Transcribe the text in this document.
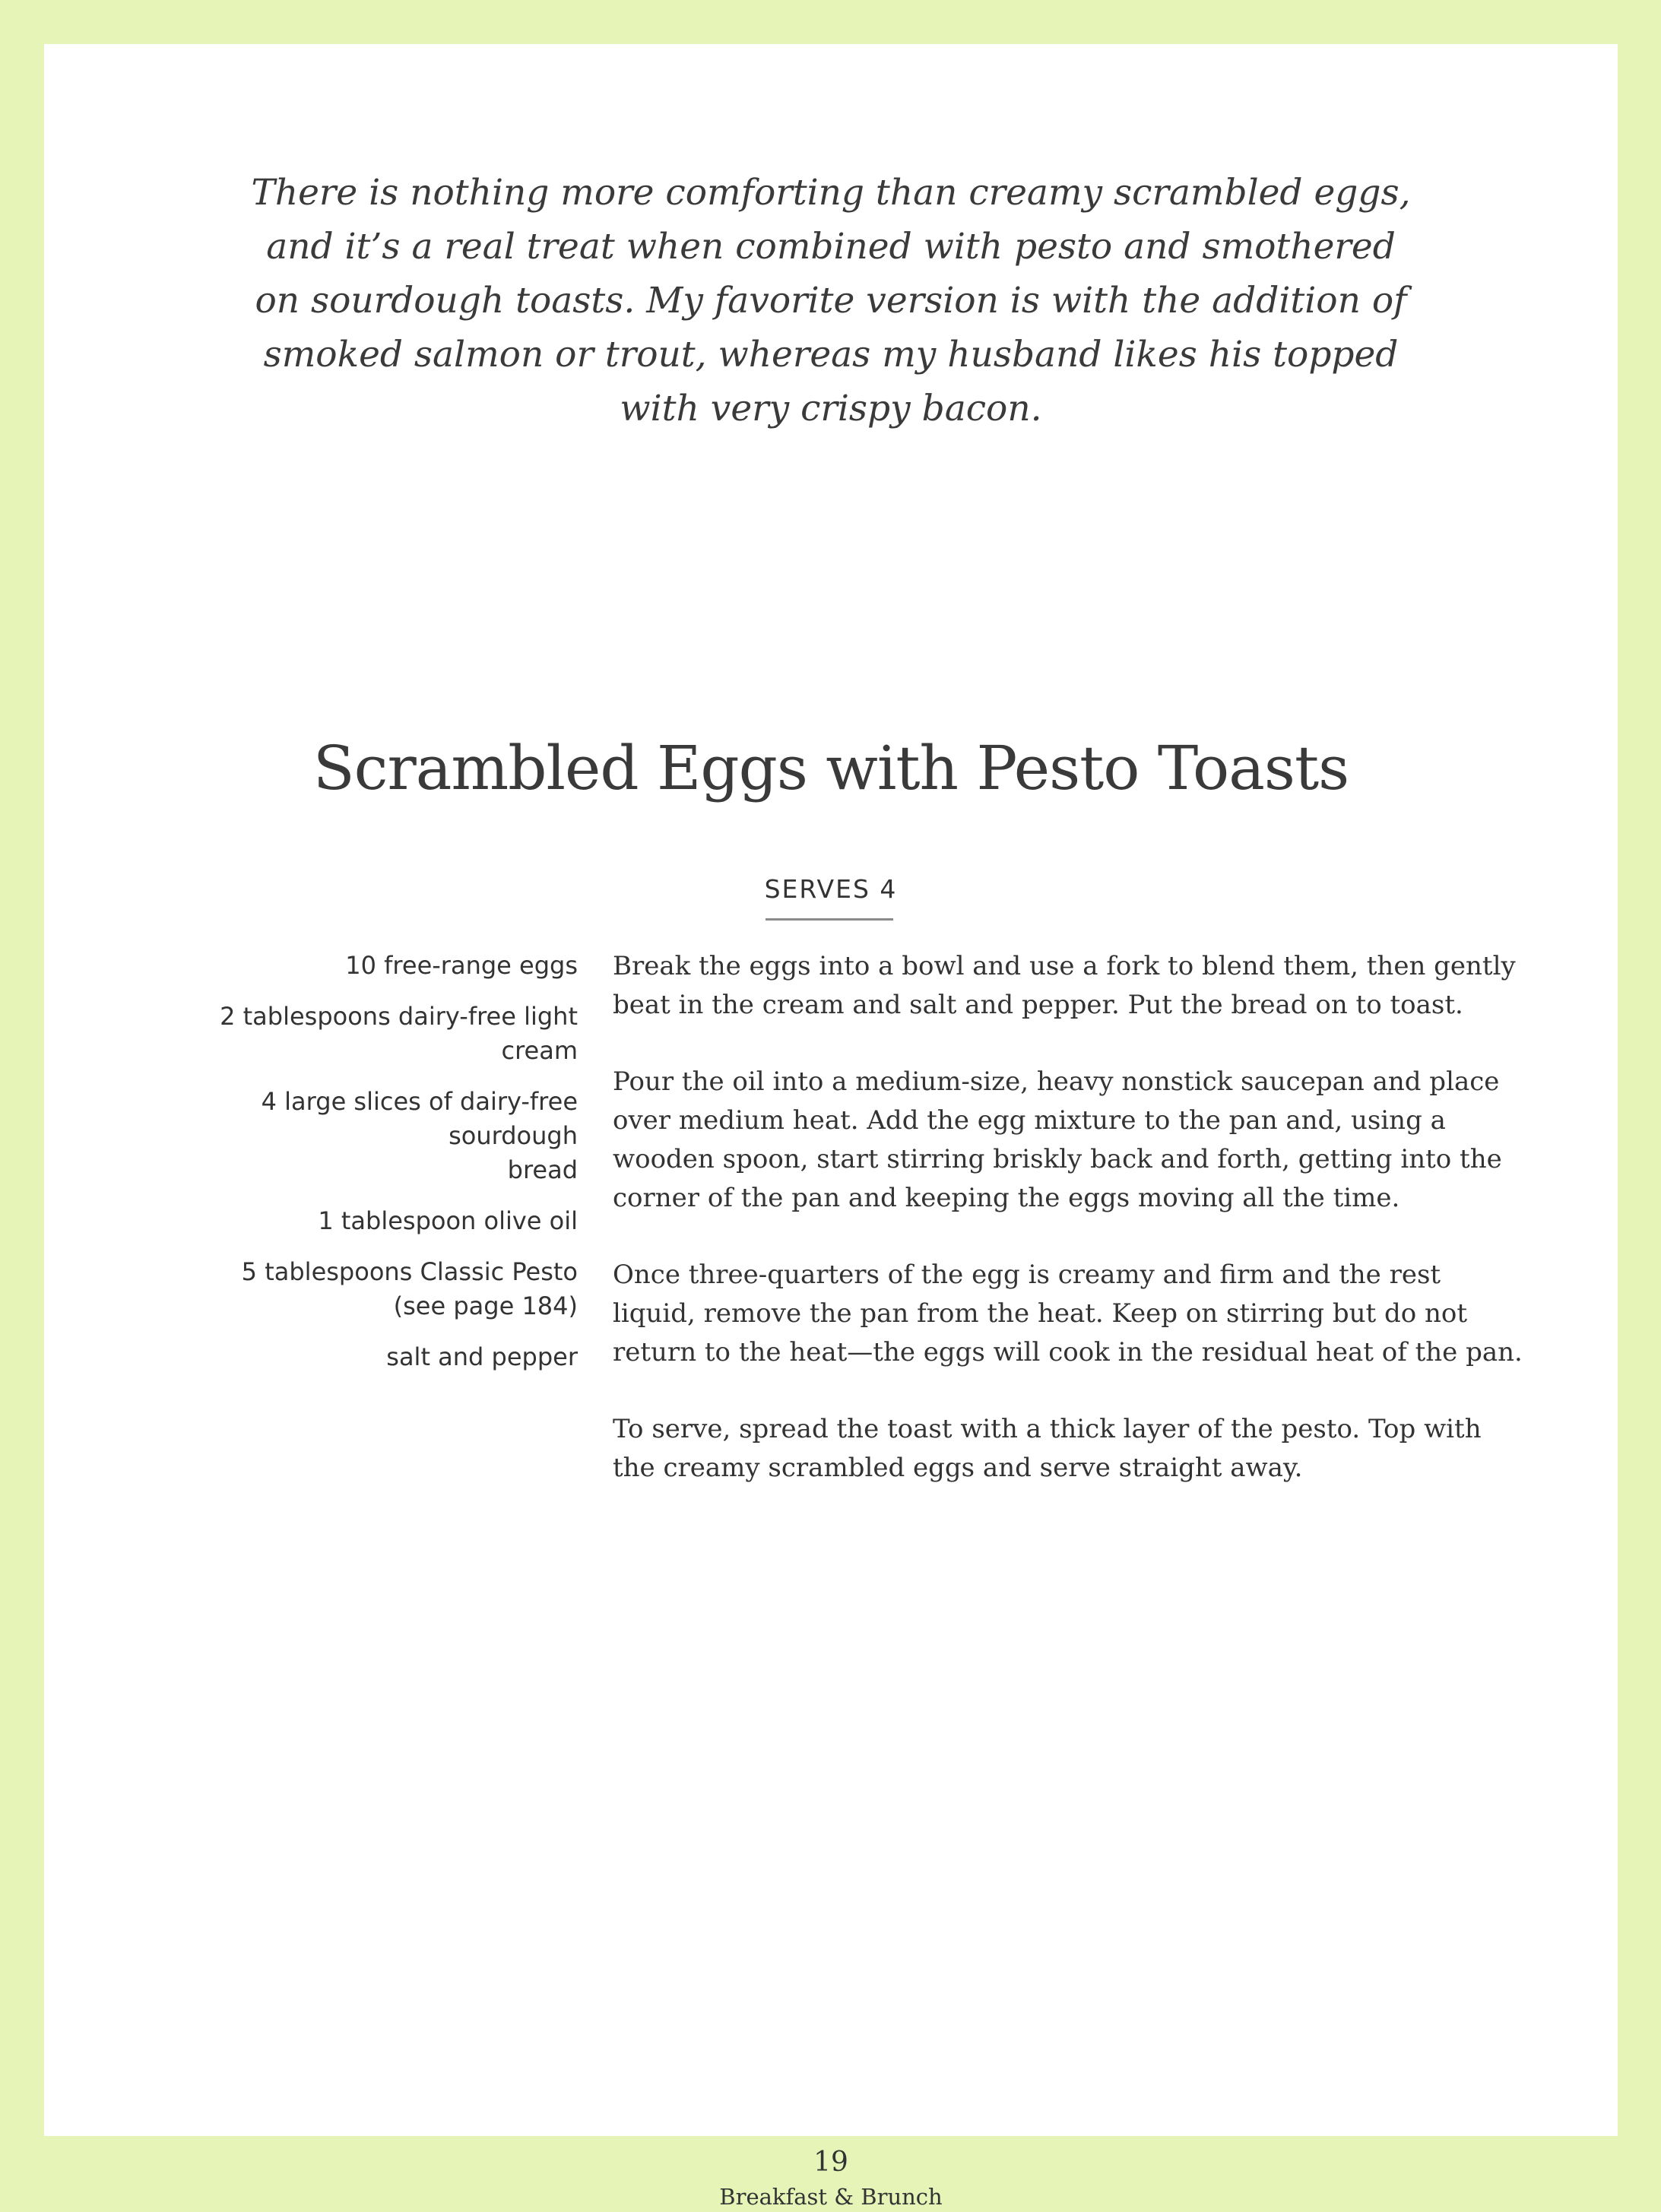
There is nothing more comforting than creamy scrambled eggs,
and it’s a real treat when combined with pesto and smothered
on sourdough toasts. My favorite version is with the addition of
smoked salmon or trout, whereas my husband likes his topped
with very crispy bacon.
Scrambled Eggs with Pesto Toasts
SERVES 4
10 free-range eggs
2 tablespoons dairy-free light cream
4 large slices of dairy-free sourdough
bread
1 tablespoon olive oil
5 tablespoons Classic Pesto
(see page 184)
salt and pepper
Break the eggs into a bowl and use a fork to blend them, then gently
beat in the cream and salt and pepper. Put the bread on to toast.
Pour the oil into a medium-size, heavy nonstick saucepan and place
over medium heat. Add the egg mixture to the pan and, using a
wooden spoon, start stirring briskly back and forth, getting into the
corner of the pan and keeping the eggs moving all the time.
Once three-quarters of the egg is creamy and firm and the rest
liquid, remove the pan from the heat. Keep on stirring but do not
return to the heat—the eggs will cook in the residual heat of the pan.
To serve, spread the toast with a thick layer of the pesto. Top with
the creamy scrambled eggs and serve straight away.
19
Breakfast & Brunch
